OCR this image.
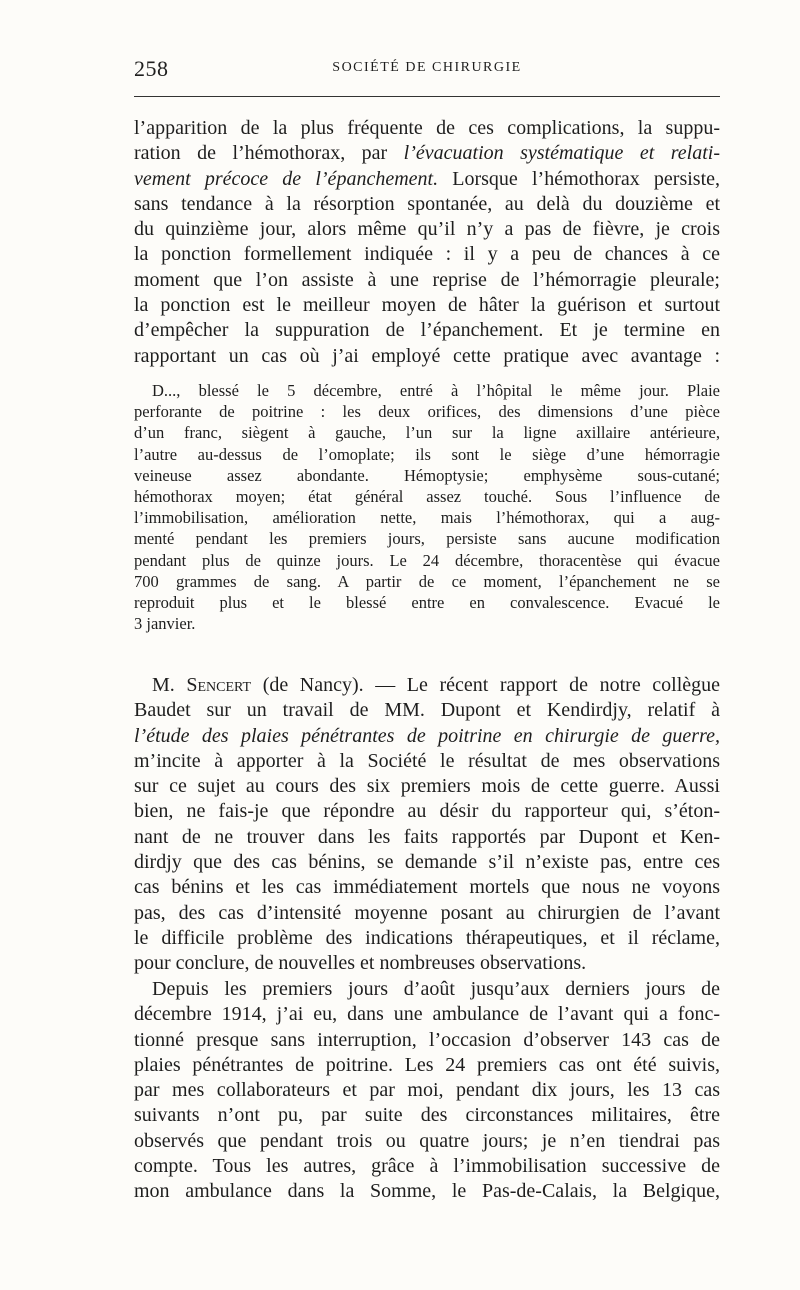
258	SOCIÉTÉ DE CHIRURGIE

l’apparition de la plus fréquente de ces complications, la suppu-
ration de l’hémothorax, par l’évacuation systématique et relati-
vement précoce de l’épanchement. Lorsque l’hémothorax persiste,
sans tendance à la résorption spontanée, au delà du douzième et
du quinzième jour, alors même qu’il n’y a pas de fièvre, je crois
la ponction formellement indiquée : il y a peu de chances à ce
moment que l’on assiste à une reprise de l’hémorragie pleurale;
la ponction est le meilleur moyen de hâter la guérison et surtout
d’empêcher la suppuration de l’épanchement. Et je termine en
rapportant un cas où j’ai employé cette pratique avec avantage :

D..., blessé le 5 décembre, entré à l’hôpital le même jour. Plaie
perforante de poitrine : les deux orifices, des dimensions d’une pièce
d’un franc, siègent à gauche, l’un sur la ligne axillaire antérieure,
l’autre au-dessus de l’omoplate; ils sont le siège d’une hémorragie
veineuse assez abondante. Hémoptysie; emphysème sous-cutané;
hémothorax moyen; état général assez touché. Sous l’influence de
l’immobilisation, amélioration nette, mais l’hémothorax, qui a aug-
menté pendant les premiers jours, persiste sans aucune modification
pendant plus de quinze jours. Le 24 décembre, thoracentèse qui évacue
700 grammes de sang. A partir de ce moment, l’épanchement ne se
reproduit plus et le blessé entre en convalescence. Evacué le
3 janvier.

M. Sencert (de Nancy). — Le récent rapport de notre collègue
Baudet sur un travail de MM. Dupont et Kendirdjy, relatif à
l’étude des plaies pénétrantes de poitrine en chirurgie de guerre,
m’incite à apporter à la Société le résultat de mes observations
sur ce sujet au cours des six premiers mois de cette guerre. Aussi
bien, ne fais-je que répondre au désir du rapporteur qui, s’éton-
nant de ne trouver dans les faits rapportés par Dupont et Ken-
dirdjy que des cas bénins, se demande s’il n’existe pas, entre ces
cas bénins et les cas immédiatement mortels que nous ne voyons
pas, des cas d’intensité moyenne posant au chirurgien de l’avant
le difficile problème des indications thérapeutiques, et il réclame,
pour conclure, de nouvelles et nombreuses observations.

Depuis les premiers jours d’août jusqu’aux derniers jours de
décembre 1914, j’ai eu, dans une ambulance de l’avant qui a fonc-
tionné presque sans interruption, l’occasion d’observer 143 cas de
plaies pénétrantes de poitrine. Les 24 premiers cas ont été suivis,
par mes collaborateurs et par moi, pendant dix jours, les 13 cas
suivants n’ont pu, par suite des circonstances militaires, être
observés que pendant trois ou quatre jours; je n’en tiendrai pas
compte. Tous les autres, grâce à l’immobilisation successive de
mon ambulance dans la Somme, le Pas-de-Calais, la Belgique,
